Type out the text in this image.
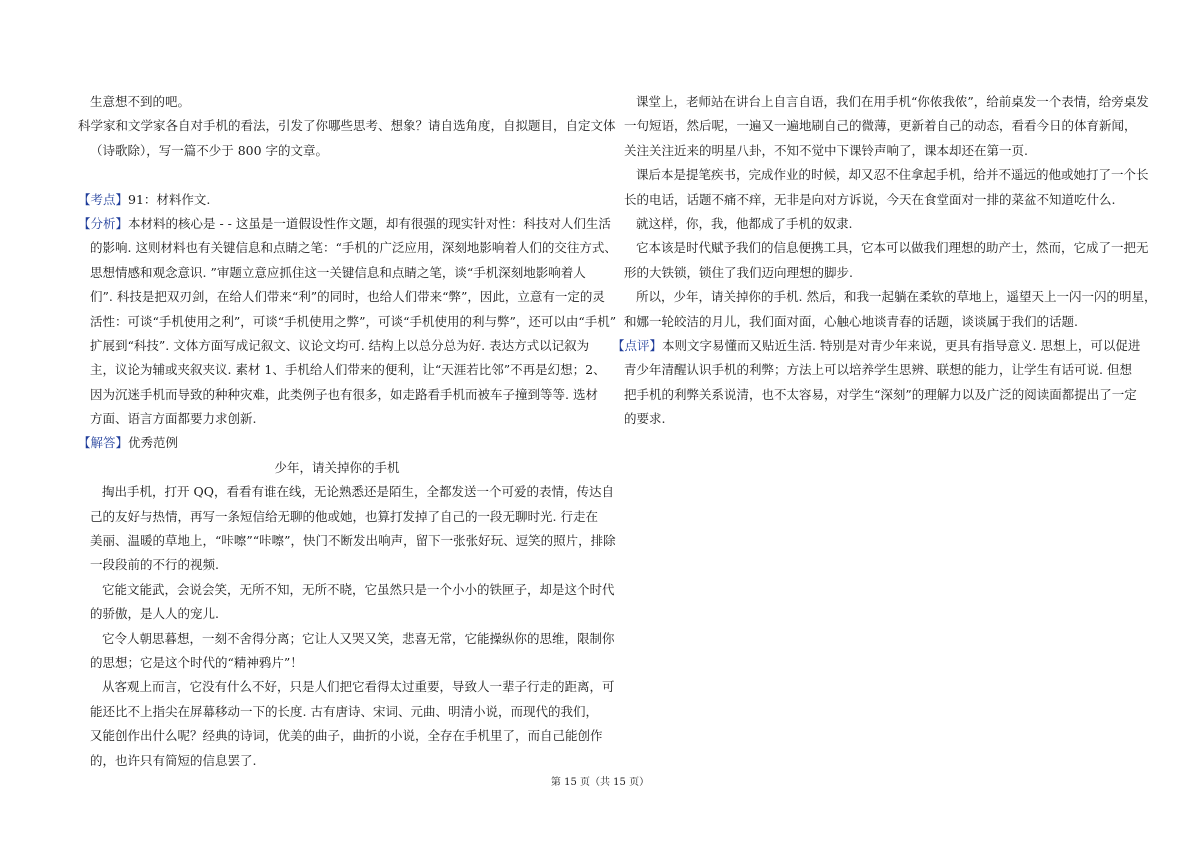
生意想不到的吧。
科学家和文学家各自对手机的看法，引发了你哪些思考、想象？请自选角度，自拟题目，自定文体
（诗歌除），写一篇不少于 800 字的文章。
【考点】91：材料作文.
【分析】本材料的核心是 - - 这虽是一道假设性作文题，却有很强的现实针对性：科技对人们生活
的影响. 这则材料也有关键信息和点睛之笔：“手机的广泛应用，深刻地影响着人们的交往方式、
思想情感和观念意识. ”审题立意应抓住这一关键信息和点睛之笔，谈“手机深刻地影响着人
们”. 科技是把双刃剑，在给人们带来“利”的同时，也给人们带来“弊”，因此，立意有一定的灵
活性：可谈“手机使用之利”，可谈“手机使用之弊”，可谈“手机使用的利与弊”，还可以由“手机”
扩展到“科技”. 文体方面写成记叙文、议论文均可. 结构上以总分总为好. 表达方式以记叙为
主，议论为辅或夹叙夹议. 素材 1、手机给人们带来的便利，让“天涯若比邻”不再是幻想；2、
因为沉迷手机而导致的种种灾难，此类例子也有很多，如走路看手机而被车子撞到等等. 选材
方面、语言方面都要力求创新.
【解答】优秀范例
少年，请关掉你的手机
掏出手机，打开 QQ，看看有谁在线，无论熟悉还是陌生，全都发送一个可爱的表情，传达自
己的友好与热情，再写一条短信给无聊的他或她，也算打发掉了自己的一段无聊时光. 行走在
美丽、温暖的草地上，“咔嚓”“咔嚓”，快门不断发出响声，留下一张张好玩、逗笑的照片，排除
一段段前的不行的视频.
它能文能武，会说会笑，无所不知，无所不晓，它虽然只是一个小小的铁匣子，却是这个时代
的骄傲，是人人的宠儿.
它令人朝思暮想，一刻不舍得分离；它让人又哭又笑，悲喜无常，它能操纵你的思维，限制你
的思想；它是这个时代的“精神鸦片”！
从客观上而言，它没有什么不好，只是人们把它看得太过重要，导致人一辈子行走的距离，可
能还比不上指尖在屏幕移动一下的长度. 古有唐诗、宋词、元曲、明清小说，而现代的我们，
又能创作出什么呢？经典的诗词，优美的曲子，曲折的小说，全存在手机里了，而自己能创作
的，也许只有简短的信息罢了.
课堂上，老师站在讲台上自言自语，我们在用手机“你侬我侬”，给前桌发一个表情，给旁桌发
一句短语，然后呢，一遍又一遍地刷自己的微薄，更新着自己的动态，看看今日的体育新闻，
关注关注近来的明星八卦，不知不觉中下课铃声响了，课本却还在第一页.
课后本是提笔疾书，完成作业的时候，却又忍不住拿起手机，给并不遥远的他或她打了一个长
长的电话，话题不痛不痒，无非是向对方诉说，今天在食堂面对一排的菜盆不知道吃什么.
就这样，你，我，他都成了手机的奴隶.
它本该是时代赋予我们的信息便携工具，它本可以做我们理想的助产士，然而，它成了一把无
形的大铁锁，锁住了我们迈向理想的脚步.
所以，少年，请关掉你的手机. 然后，和我一起躺在柔软的草地上，遥望天上一闪一闪的明星，
和娜一轮皎洁的月儿，我们面对面，心触心地谈青春的话题，谈谈属于我们的话题.
【点评】本则文字易懂而又贴近生活. 特别是对青少年来说，更具有指导意义. 思想上，可以促进
青少年清醒认识手机的利弊；方法上可以培养学生思辨、联想的能力，让学生有话可说. 但想
把手机的利弊关系说清，也不太容易，对学生“深刻”的理解力以及广泛的阅读面都提出了一定
的要求.
第 15 页（共 15 页）
